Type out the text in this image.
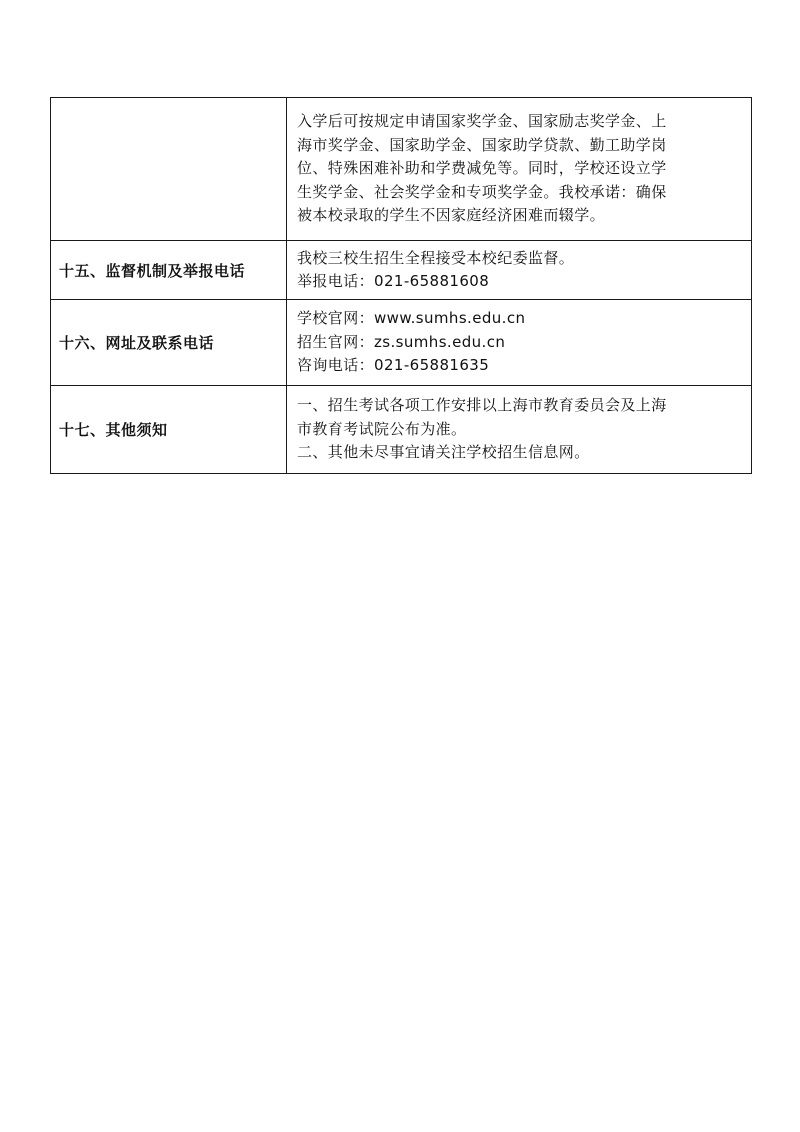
	入学后可按规定申请国家奖学金、国家励志奖学金、上
海市奖学金、国家助学金、国家助学贷款、勤工助学岗
位、特殊困难补助和学费减免等。同时，学校还设立学
生奖学金、社会奖学金和专项奖学金。我校承诺：确保
被本校录取的学生不因家庭经济困难而辍学。

十五、监督机制及举报电话	我校三校生招生全程接受本校纪委监督。
举报电话：021-65881608

十六、网址及联系电话	学校官网：www.sumhs.edu.cn
招生官网：zs.sumhs.edu.cn
咨询电话：021-65881635

十七、其他须知	一、招生考试各项工作安排以上海市教育委员会及上海
市教育考试院公布为准。
二、其他未尽事宜请关注学校招生信息网。
